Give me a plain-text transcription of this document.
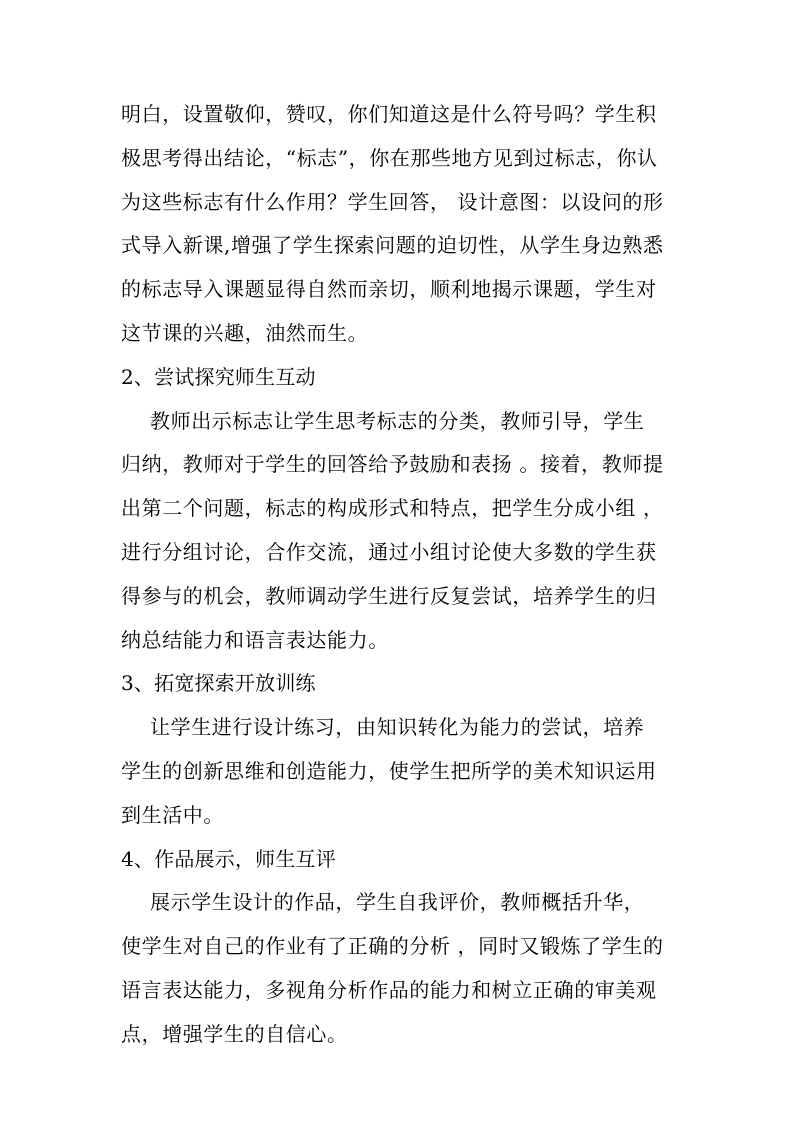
明白，设置敬仰，赞叹，你们知道这是什么符号吗？学生积
极思考得出结论，“标志”，你在那些地方见到过标志，你认
为这些标志有什么作用？学生回答， 设计意图：以设问的形
式导入新课,增强了学生探索问题的迫切性，从学生身边熟悉
的标志导入课题显得自然而亲切，顺利地揭示课题，学生对
这节课的兴趣，油然而生。
2、尝试探究师生互动
教师出示标志让学生思考标志的分类，教师引导，学生
归纳，教师对于学生的回答给予鼓励和表扬 。接着，教师提
出第二个问题，标志的构成形式和特点，把学生分成小组 ，
进行分组讨论，合作交流，通过小组讨论使大多数的学生获
得参与的机会，教师调动学生进行反复尝试，培养学生的归
纳总结能力和语言表达能力。
3、拓宽探索开放训练
让学生进行设计练习，由知识转化为能力的尝试，培养
学生的创新思维和创造能力，使学生把所学的美术知识运用
到生活中。
4、作品展示，师生互评
展示学生设计的作品，学生自我评价，教师概括升华，
使学生对自己的作业有了正确的分析 ，同时又锻炼了学生的
语言表达能力，多视角分析作品的能力和树立正确的审美观
点，增强学生的自信心。
